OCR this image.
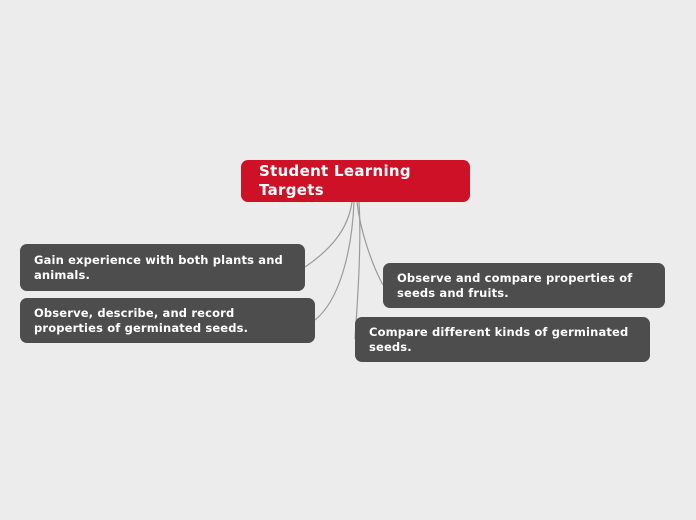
Student Learning Targets
Gain experience with both plants and animals.
Observe, describe, and record properties of germinated seeds.
Observe and compare properties of seeds and fruits.
Compare different kinds of germinated seeds.
